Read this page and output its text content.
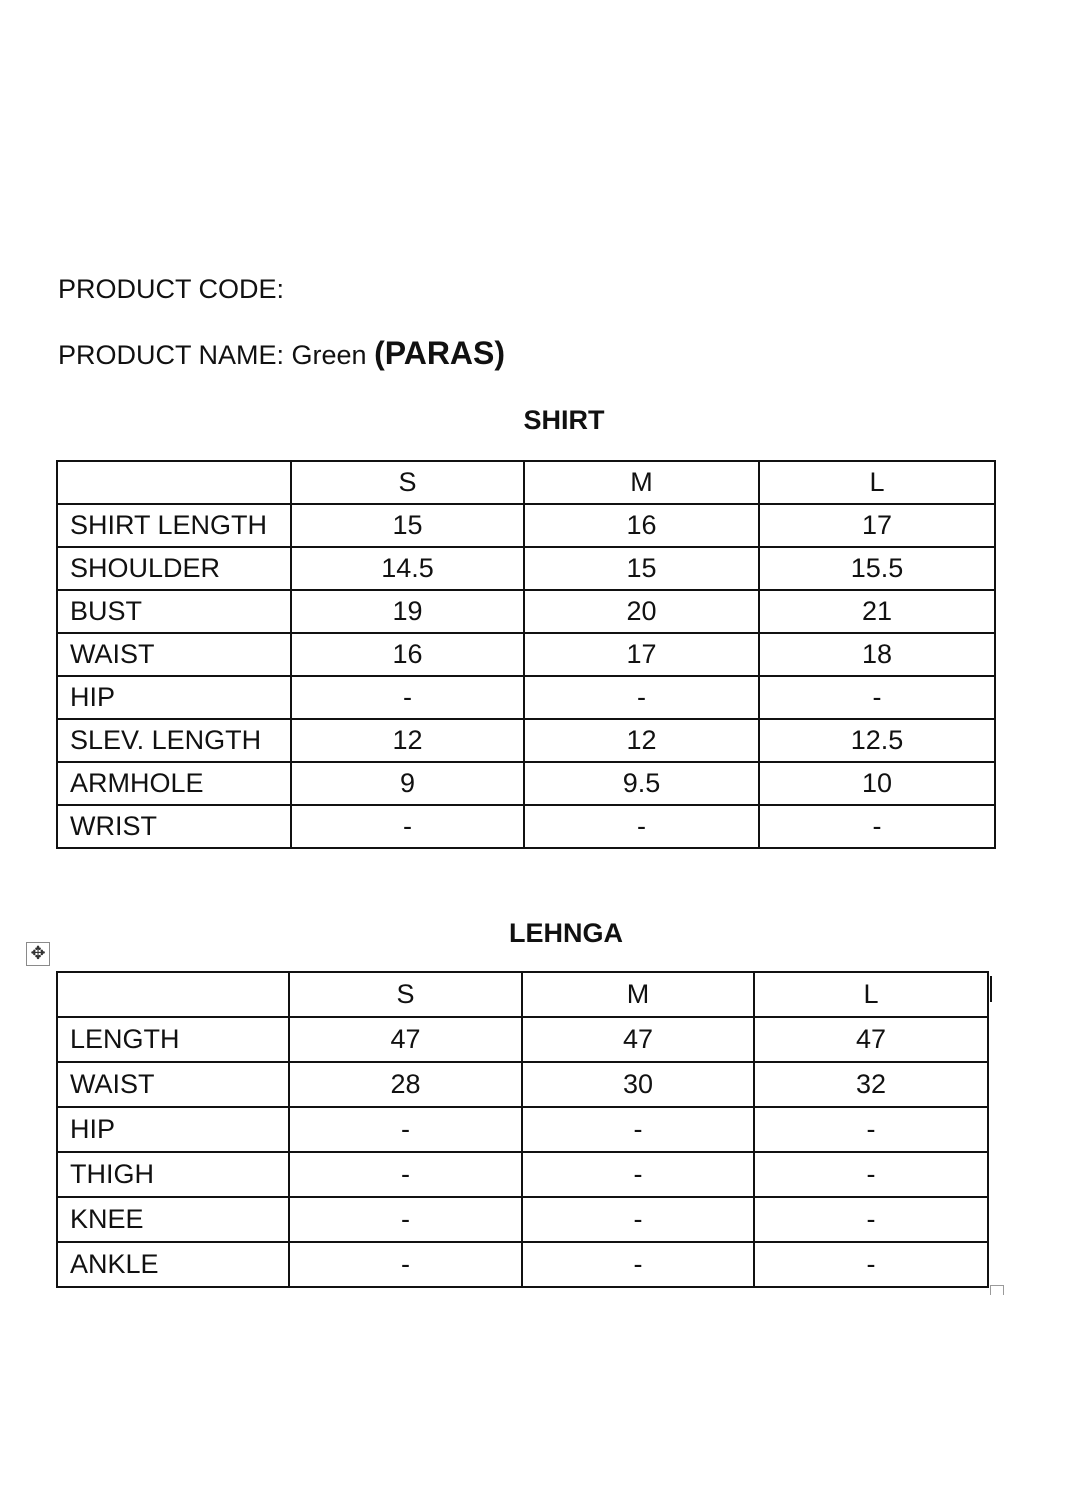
PRODUCT CODE:
PRODUCT NAME: Green (PARAS)
SHIRT
	S	M	L
SHIRT LENGTH	15	16	17
SHOULDER	14.5	15	15.5
BUST	19	20	21
WAIST	16	17	18
HIP	-	-	-
SLEV. LENGTH	12	12	12.5
ARMHOLE	9	9.5	10
WRIST	-	-	-
✥
LEHNGA
	S	M	L
LENGTH	47	47	47
WAIST	28	30	32
HIP	-	-	-
THIGH	-	-	-
KNEE	-	-	-
ANKLE	-	-	-
